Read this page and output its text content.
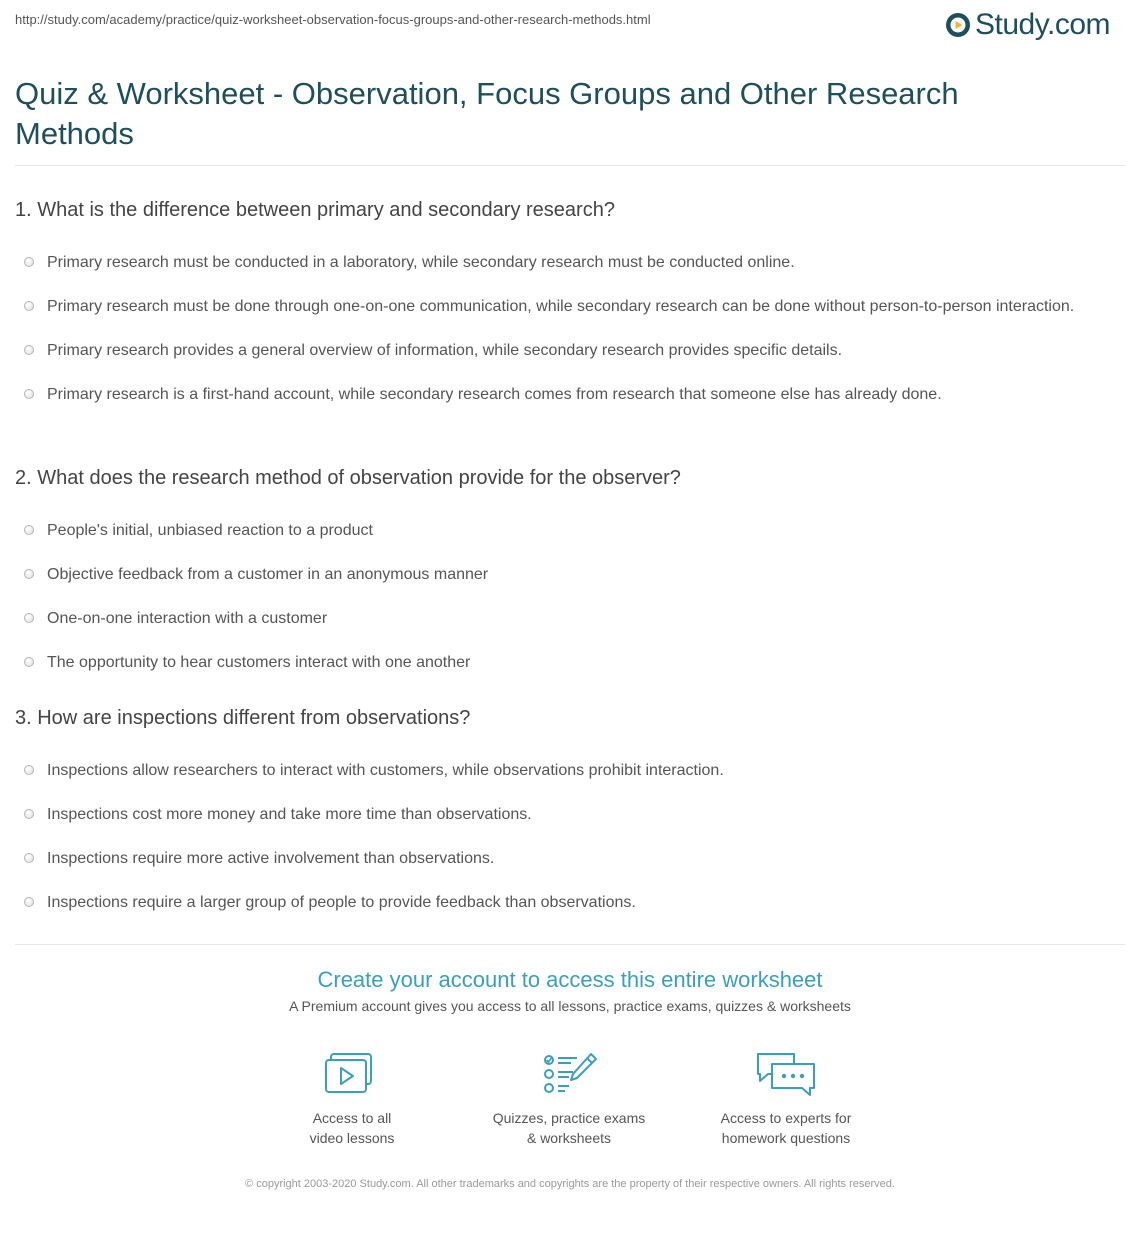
http://study.com/academy/practice/quiz-worksheet-observation-focus-groups-and-other-research-methods.html	Study.com
Quiz & Worksheet - Observation, Focus Groups and Other Research Methods
1. What is the difference between primary and secondary research?
Primary research must be conducted in a laboratory, while secondary research must be conducted online.
Primary research must be done through one-on-one communication, while secondary research can be done without person-to-person interaction.
Primary research provides a general overview of information, while secondary research provides specific details.
Primary research is a first-hand account, while secondary research comes from research that someone else has already done.
2. What does the research method of observation provide for the observer?
People's initial, unbiased reaction to a product
Objective feedback from a customer in an anonymous manner
One-on-one interaction with a customer
The opportunity to hear customers interact with one another
3. How are inspections different from observations?
Inspections allow researchers to interact with customers, while observations prohibit interaction.
Inspections cost more money and take more time than observations.
Inspections require more active involvement than observations.
Inspections require a larger group of people to provide feedback than observations.
Create your account to access this entire worksheet
A Premium account gives you access to all lessons, practice exams, quizzes & worksheets
Access to all
video lessons
Quizzes, practice exams
& worksheets
Access to experts for
homework questions
© copyright 2003-2020 Study.com. All other trademarks and copyrights are the property of their respective owners. All rights reserved.
